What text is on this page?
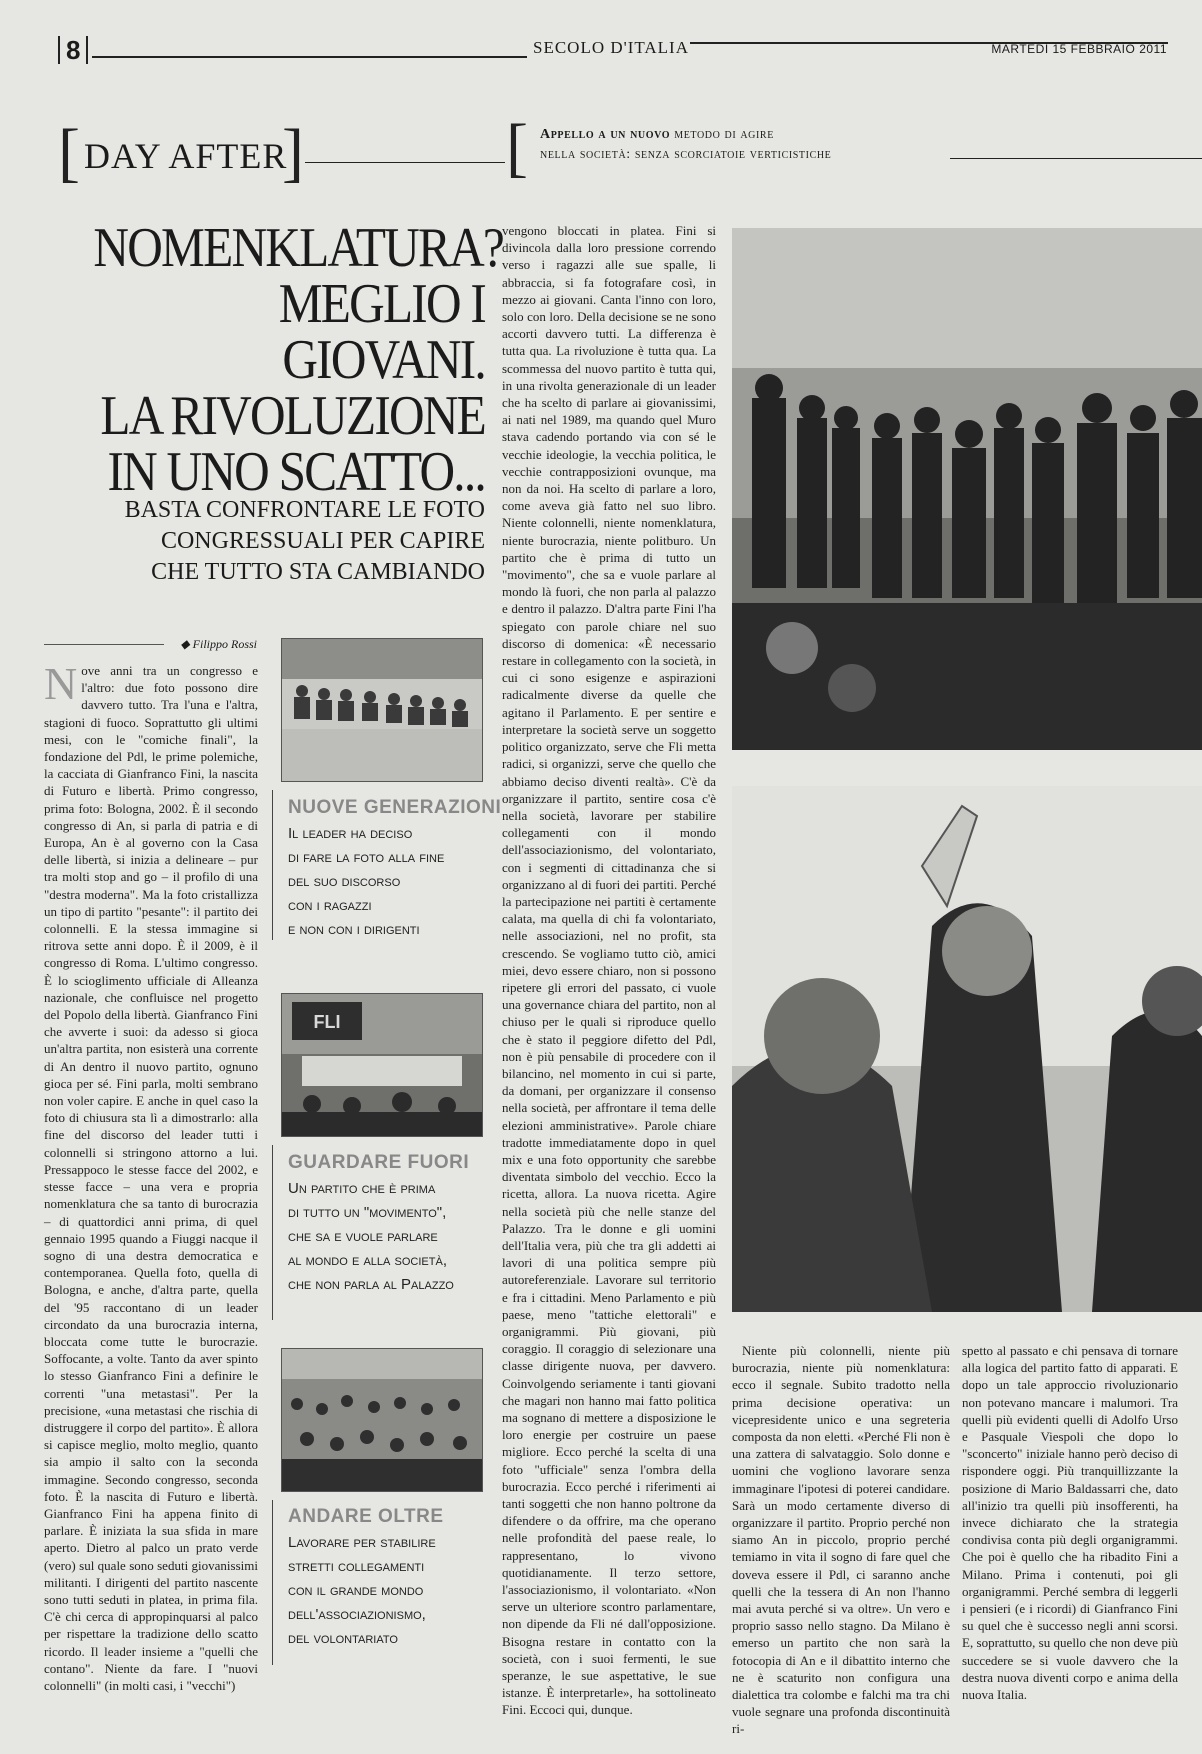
8	SECOLO D'ITALIA	MARTEDÌ 15 FEBBRAIO 2011
[ DAY AFTER
]	[ Appello a un nuovo metodo di agire
nella società: senza scorciatoie verticistiche
NOMENKLATURA?
MEGLIO I GIOVANI.
LA RIVOLUZIONE
IN UNO SCATTO...
BASTA CONFRONTARE LE FOTO
CONGRESSUALI PER CAPIRE
CHE TUTTO STA CAMBIANDO
◆ Filippo Rossi

Nove anni tra un congresso e l'altro: due foto possono dire davvero tutto. Tra l'una e l'altra, stagioni di fuoco. Soprattutto gli ultimi mesi, con le "comiche finali", la fondazione del Pdl, le prime polemiche, la cacciata di Gianfranco Fini, la nascita di Futuro e libertà. Primo congresso, prima foto: Bologna, 2002. È il secondo congresso di An, si parla di patria e di Europa, An è al governo con la Casa delle libertà, si inizia a delineare – pur tra molti stop and go – il profilo di una "destra moderna". Ma la foto cristallizza un tipo di partito "pesante": il partito dei colonnelli. E la stessa immagine si ritrova sette anni dopo. È il 2009, è il congresso di Roma. L'ultimo congresso. È lo scioglimento ufficiale di Alleanza nazionale, che confluisce nel progetto del Popolo della libertà. Gianfranco Fini che avverte i suoi: da adesso si gioca un'altra partita, non esisterà una corrente di An dentro il nuovo partito, ognuno gioca per sé. Fini parla, molti sembrano non voler capire. E anche in quel caso la foto di chiusura sta lì a dimostrarlo: alla fine del discorso del leader tutti i colonnelli si stringono attorno a lui. Pressappoco le stesse facce del 2002, e stesse facce – una vera e propria nomenklatura che sa tanto di burocrazia – di quattordici anni prima, di quel gennaio 1995 quando a Fiuggi nacque il sogno di una destra democratica e contemporanea. Quella foto, quella di Bologna, e anche, d'altra parte, quella del '95 raccontano di un leader circondato da una burocrazia interna, bloccata come tutte le burocrazie. Soffocante, a volte. Tanto da aver spinto lo stesso Gianfranco Fini a definire le correnti "una metastasi". Per la precisione, «una metastasi che rischia di distruggere il corpo del partito». È allora si capisce meglio, molto meglio, quanto sia ampio il salto con la seconda immagine. Secondo congresso, seconda foto. È la nascita di Futuro e libertà. Gianfranco Fini ha appena finito di parlare. È iniziata la sua sfida in mare aperto. Dietro al palco un prato verde (vero) sul quale sono seduti giovanissimi militanti. I dirigenti del partito nascente sono tutti seduti in platea, in prima fila. C'è chi cerca di appropinquarsi al palco per rispettare la tradizione dello scatto ricordo. Il leader insieme a "quelli che contano". Niente da fare. I "nuovi colonnelli" (in molti casi, i "vecchi")

NUOVE GENERAZIONI
Il leader ha deciso
di fare la foto alla fine
del suo discorso
con i ragazzi
e non con i dirigenti
FLI
GUARDARE FUORI
Un partito che è prima
di tutto un "movimento",
che sa e vuole parlare
al mondo e alla società,
che non parla al Palazzo
ANDARE OLTRE
Lavorare per stabilire
stretti collegamenti
con il grande mondo
dell'associazionismo,
del volontariato

vengono bloccati in platea. Fini si divincola dalla loro pressione correndo verso i ragazzi alle sue spalle, li abbraccia, si fa fotografare così, in mezzo ai giovani. Canta l'inno con loro, solo con loro. Della decisione se ne sono accorti davvero tutti. La differenza è tutta qua. La rivoluzione è tutta qua. La scommessa del nuovo partito è tutta qui, in una rivolta generazionale di un leader che ha scelto di parlare ai giovanissimi, ai nati nel 1989, ma quando quel Muro stava cadendo portando via con sé le vecchie ideologie, la vecchia politica, le vecchie contrapposizioni ovunque, ma non da noi. Ha scelto di parlare a loro, come aveva già fatto nel suo libro. Niente colonnelli, niente nomenklatura, niente burocrazia, niente politburo. Un partito che è prima di tutto un "movimento", che sa e vuole parlare al mondo là fuori, che non parla al palazzo e dentro il palazzo. D'altra parte Fini l'ha spiegato con parole chiare nel suo discorso di domenica: «È necessario restare in collegamento con la società, in cui ci sono esigenze e aspirazioni radicalmente diverse da quelle che agitano il Parlamento. E per sentire e interpretare la società serve un soggetto politico organizzato, serve che Fli metta radici, si organizzi, serve che quello che abbiamo deciso diventi realtà». C'è da organizzare il partito, sentire cosa c'è nella società, lavorare per stabilire collegamenti con il mondo dell'associazionismo, del volontariato, con i segmenti di cittadinanza che si organizzano al di fuori dei partiti. Perché la partecipazione nei partiti è certamente calata, ma quella di chi fa volontariato, nelle associazioni, nel no profit, sta crescendo. Se vogliamo tutto ciò, amici miei, devo essere chiaro, non si possono ripetere gli errori del passato, ci vuole una governance chiara del partito, non al chiuso per le quali si riproduce quello che è stato il peggiore difetto del Pdl, non è più pensabile di procedere con il bilancino, nel momento in cui si parte, da domani, per organizzare il consenso nella società, per affrontare il tema delle elezioni amministrative». Parole chiare tradotte immediatamente dopo in quel mix e una foto opportunity che sarebbe diventata simbolo del vecchio. Ecco la ricetta, allora. La nuova ricetta. Agire nella società più che nelle stanze del Palazzo. Tra le donne e gli uomini dell'Italia vera, più che tra gli addetti ai lavori di una politica sempre più autoreferenziale. Lavorare sul territorio e fra i cittadini. Meno Parlamento e più paese, meno "tattiche elettorali" e organigrammi. Più giovani, più coraggio. Il coraggio di selezionare una classe dirigente nuova, per davvero. Coinvolgendo seriamente i tanti giovani che magari non hanno mai fatto politica ma sognano di mettere a disposizione le loro energie per costruire un paese migliore. Ecco perché la scelta di una foto "ufficiale" senza l'ombra della burocrazia. Ecco perché i riferimenti ai tanti soggetti che non hanno poltrone da difendere o da offrire, ma che operano nelle profondità del paese reale, lo rappresentano, lo vivono quotidianamente. Il terzo settore, l'associazionismo, il volontariato. «Non serve un ulteriore scontro parlamentare, non dipende da Fli né dall'opposizione. Bisogna restare in contatto con la società, con i suoi fermenti, le sue speranze, le sue aspettative, le sue istanze. È interpretarle», ha sottolineato Fini. Eccoci qui, dunque.

Niente più colonnelli, niente più burocrazia, niente più nomenklatura: ecco il segnale. Subito tradotto nella prima decisione operativa: un vicepresidente unico e una segreteria composta da non eletti. «Perché Fli non è una zattera di salvataggio. Solo donne e uomini che vogliono lavorare senza immaginare l'ipotesi di poterei candidare. Sarà un modo certamente diverso di organizzare il partito. Proprio perché non siamo An in piccolo, proprio perché temiamo in vita il sogno di fare quel che doveva essere il Pdl, ci saranno anche quelli che la tessera di An non l'hanno mai avuta perché si va oltre». Un vero e proprio sasso nello stagno. Da Milano è emerso un partito che non sarà la fotocopia di An e il dibattito interno che ne è scaturito non configura una dialettica tra colombe e falchi ma tra chi vuole segnare una profonda discontinuità ri-

spetto al passato e chi pensava di tornare alla logica del partito fatto di apparati. E dopo un tale approccio rivoluzionario non potevano mancare i malumori. Tra quelli più evidenti quelli di Adolfo Urso e Pasquale Viespoli che dopo lo "sconcerto" iniziale hanno però deciso di rispondere oggi. Più tranquillizzante la posizione di Mario Baldassarri che, dato all'inizio tra quelli più insofferenti, ha invece dichiarato che la strategia condivisa conta più degli organigrammi. Che poi è quello che ha ribadito Fini a Milano. Prima i contenuti, poi gli organigrammi. Perché sembra di leggerli i pensieri (e i ricordi) di Gianfranco Fini su quel che è successo negli anni scorsi. E, soprattutto, su quello che non deve più succedere se si vuole davvero che la destra nuova diventi corpo e anima della nuova Italia.
